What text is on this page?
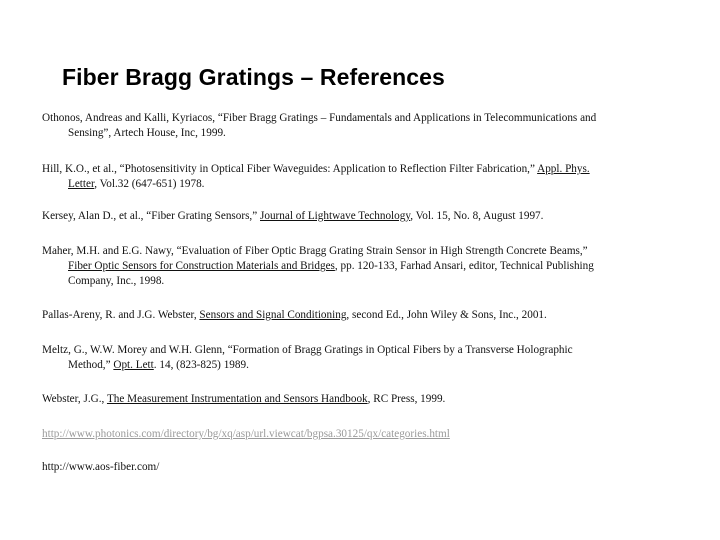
Fiber Bragg Gratings – References
Othonos, Andreas and Kalli, Kyriacos, “Fiber Bragg Gratings – Fundamentals and Applications in Telecommunications and
Sensing”, Artech House, Inc, 1999.
Hill, K.O., et al., “Photosensitivity in Optical Fiber Waveguides: Application to Reflection Filter Fabrication,” Appl. Phys.
Letter, Vol.32 (647-651) 1978.
Kersey, Alan D., et al., “Fiber Grating Sensors,” Journal of Lightwave Technology, Vol. 15, No. 8, August 1997.
Maher, M.H. and E.G. Nawy, “Evaluation of Fiber Optic Bragg Grating Strain Sensor in High Strength Concrete Beams,”
Fiber Optic Sensors for Construction Materials and Bridges, pp. 120-133, Farhad Ansari, editor, Technical Publishing
Company, Inc., 1998.
Pallas-Areny, R. and J.G. Webster, Sensors and Signal Conditioning, second Ed., John Wiley & Sons, Inc., 2001.
Meltz, G., W.W. Morey and W.H. Glenn, “Formation of Bragg Gratings in Optical Fibers by a Transverse Holographic
Method,” Opt. Lett. 14, (823-825) 1989.
Webster, J.G., The Measurement Instrumentation and Sensors Handbook, RC Press, 1999.
http://www.photonics.com/directory/bg/xq/asp/url.viewcat/bgpsa.30125/qx/categories.html
http://www.aos-fiber.com/
